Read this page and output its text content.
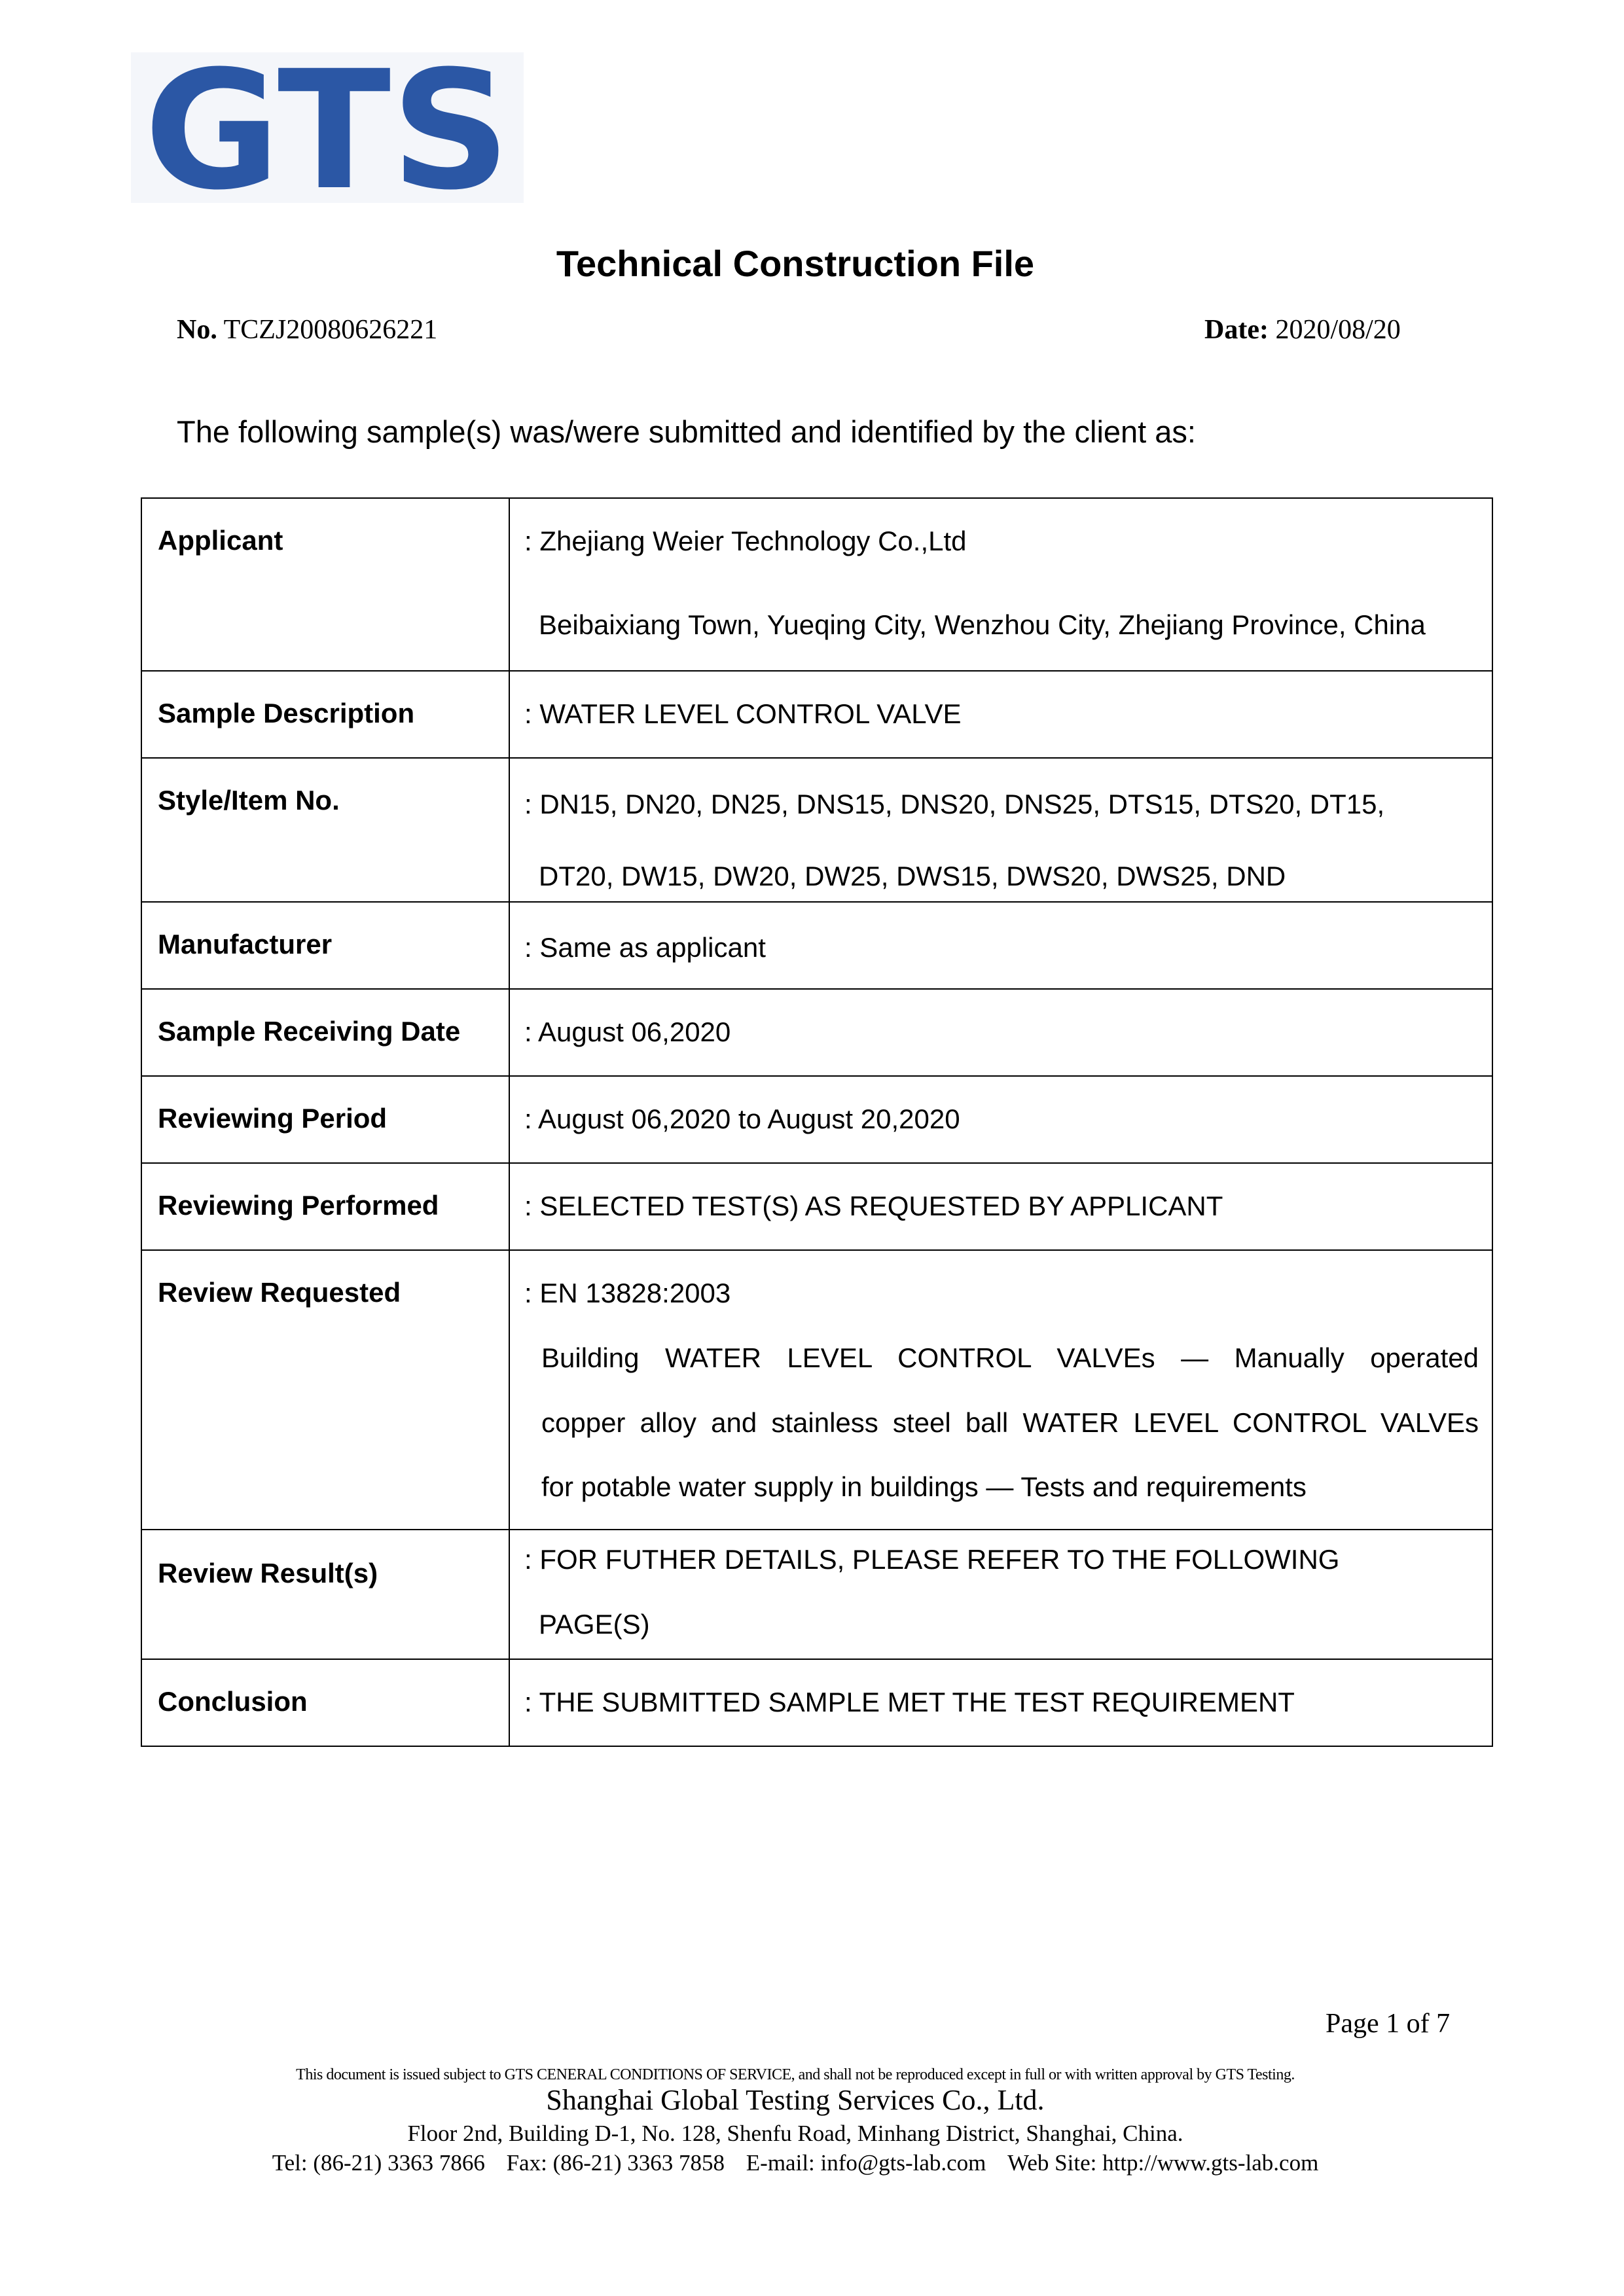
GTS
Technical Construction File
No. TCZJ20080626221	Date: 2020/08/20
The following sample(s) was/were submitted and identified by the client as:
Applicant	: Zhejiang Weier Technology Co.,Ltd
Beibaixiang Town, Yueqing City, Wenzhou City, Zhejiang Province, China

Sample Description	: WATER LEVEL CONTROL VALVE

Style/Item No.	: DN15, DN20, DN25, DNS15, DNS20, DNS25, DTS15, DTS20, DT15,
DT20, DW15, DW20, DW25, DWS15, DWS20, DWS25, DND

Manufacturer	: Same as applicant

Sample Receiving Date	: August 06,2020

Reviewing Period	: August 06,2020 to August 20,2020

Reviewing Performed	: SELECTED TEST(S) AS REQUESTED BY APPLICANT

Review Requested	: EN 13828:2003
Building WATER LEVEL CONTROL VALVEs — Manually operated
copper alloy and stainless steel ball WATER LEVEL CONTROL VALVEs
for potable water supply in buildings — Tests and requirements

Review Result(s)	: FOR FUTHER DETAILS, PLEASE REFER TO THE FOLLOWING
PAGE(S)

Conclusion	: THE SUBMITTED SAMPLE MET THE TEST REQUIREMENT
Page 1 of 7
This document is issued subject to GTS CENERAL CONDITIONS OF SERVICE, and shall not be reproduced except in full or with written approval by GTS Testing.
Shanghai Global Testing Services Co., Ltd.
Floor 2nd, Building D-1, No. 128, Shenfu Road, Minhang District, Shanghai, China.
Tel: (86-21) 3363 7866 Fax: (86-21) 3363 7858 E-mail: info@gts-lab.com Web Site: http://www.gts-lab.com
